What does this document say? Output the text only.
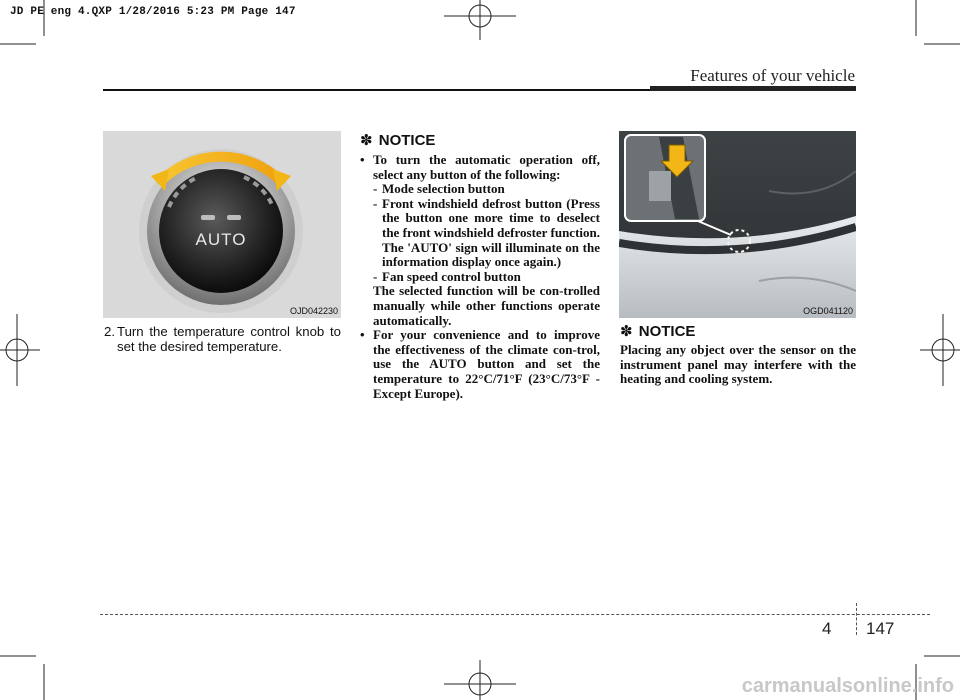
JD PE eng 4.QXP 1/28/2016 5:23 PM Page 147
Features of your vehicle
AUTO
OJD042230
2. Turn the temperature control knob to set the desired temperature.
✽ NOTICE
• To turn the automatic operation off, select any button of the following:
- Mode selection button
- Front windshield defrost button (Press the button one more time to deselect the front windshield defroster function. The 'AUTO' sign will illuminate on the information display once again.)
- Fan speed control button
The selected function will be con-trolled manually while other functions operate automatically.
• For your convenience and to improve the effectiveness of the climate con-trol, use the AUTO button and set the temperature to 22°C/71°F (23°C/73°F -Except Europe).
OGD041120
✽ NOTICE
Placing any object over the sensor on the instrument panel may interfere with the heating and cooling system.
4 147
carmanualsonline.info
